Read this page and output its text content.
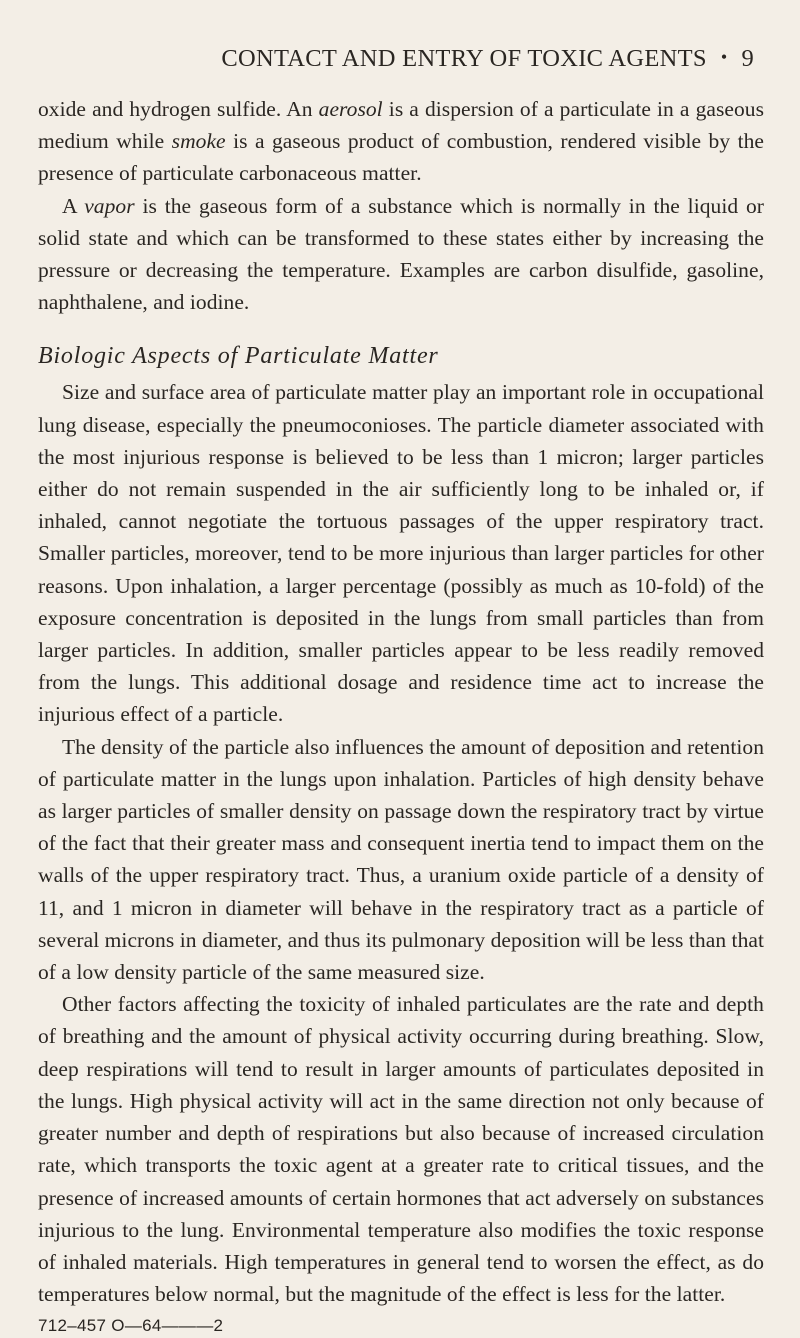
CONTACT AND ENTRY OF TOXIC AGENTS • 9

oxide and hydrogen sulfide. An aerosol is a dispersion of a particulate in a gaseous medium while smoke is a gaseous product of combustion, rendered visible by the presence of particulate carbonaceous matter.

A vapor is the gaseous form of a substance which is normally in the liquid or solid state and which can be transformed to these states either by increasing the pressure or decreasing the temperature. Examples are carbon disulfide, gasoline, naphthalene, and iodine.

Biologic Aspects of Particulate Matter

Size and surface area of particulate matter play an important role in occupational lung disease, especially the pneumoconioses. The particle diameter associated with the most injurious response is believed to be less than 1 micron; larger particles either do not remain suspended in the air sufficiently long to be inhaled or, if inhaled, cannot negotiate the tortuous passages of the upper respiratory tract. Smaller particles, moreover, tend to be more injurious than larger particles for other reasons. Upon inhalation, a larger percentage (possibly as much as 10-fold) of the exposure concentration is deposited in the lungs from small particles than from larger particles. In addition, smaller particles appear to be less readily removed from the lungs. This additional dosage and residence time act to increase the injurious effect of a particle.

The density of the particle also influences the amount of deposition and retention of particulate matter in the lungs upon inhalation. Particles of high density behave as larger particles of smaller density on passage down the respiratory tract by virtue of the fact that their greater mass and consequent inertia tend to impact them on the walls of the upper respiratory tract. Thus, a uranium oxide particle of a density of 11, and 1 micron in diameter will behave in the respiratory tract as a particle of several microns in diameter, and thus its pulmonary deposition will be less than that of a low density particle of the same measured size.

Other factors affecting the toxicity of inhaled particulates are the rate and depth of breathing and the amount of physical activity occurring during breathing. Slow, deep respirations will tend to result in larger amounts of particulates deposited in the lungs. High physical activity will act in the same direction not only because of greater number and depth of respirations but also because of increased circulation rate, which transports the toxic agent at a greater rate to critical tissues, and the presence of increased amounts of certain hormones that act adversely on substances injurious to the lung. Environmental temperature also modifies the toxic response of inhaled materials. High temperatures in general tend to worsen the effect, as do temperatures below normal, but the magnitude of the effect is less for the latter.

712–457 O—64———2
